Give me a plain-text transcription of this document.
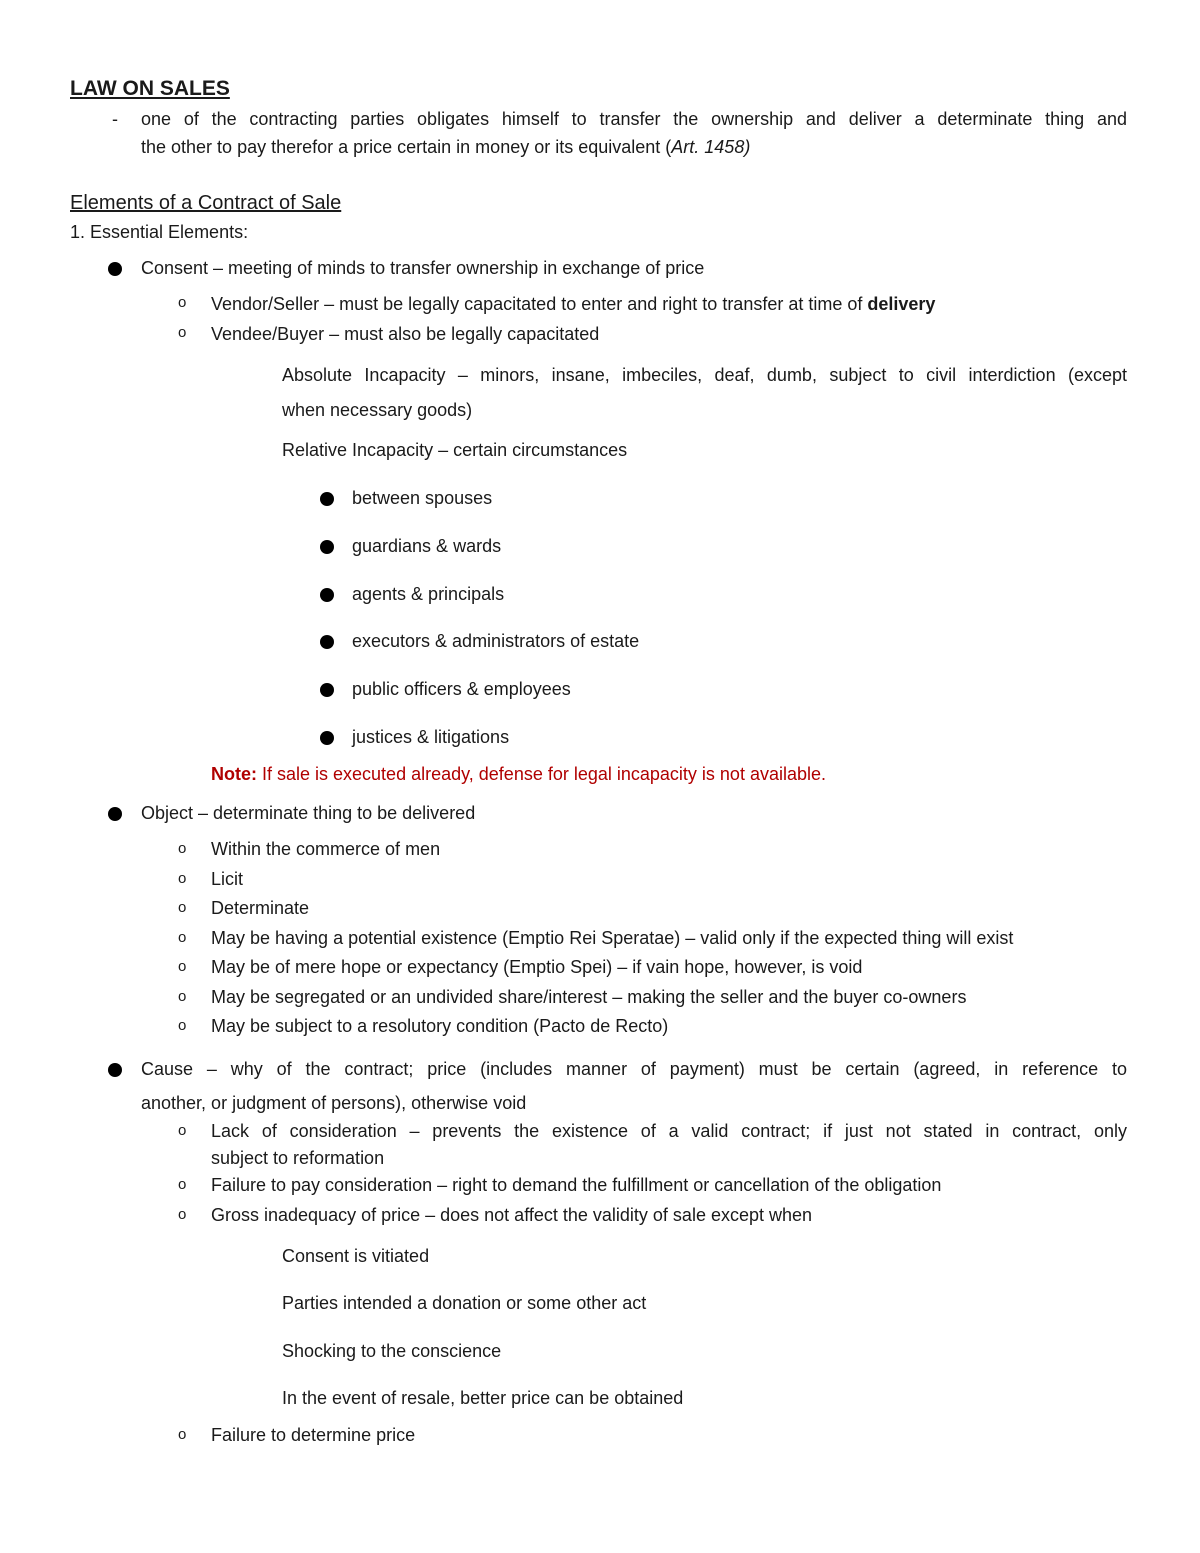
LAW ON SALES
- one of the contracting parties obligates himself to transfer the ownership and deliver a determinate thing and
the other to pay therefor a price certain in money or its equivalent (Art. 1458)
Elements of a Contract of Sale
1. Essential Elements:
Consent – meeting of minds to transfer ownership in exchange of price
o Vendor/Seller – must be legally capacitated to enter and right to transfer at time of delivery
o Vendee/Buyer – must also be legally capacitated
Absolute Incapacity – minors, insane, imbeciles, deaf, dumb, subject to civil interdiction (except
when necessary goods)
Relative Incapacity – certain circumstances
between spouses
guardians & wards
agents & principals
executors & administrators of estate
public officers & employees
justices & litigations
Note: If sale is executed already, defense for legal incapacity is not available.
Object – determinate thing to be delivered
o Within the commerce of men
o Licit
o Determinate
o May be having a potential existence (Emptio Rei Speratae) – valid only if the expected thing will exist
o May be of mere hope or expectancy (Emptio Spei) – if vain hope, however, is void
o May be segregated or an undivided share/interest – making the seller and the buyer co-owners
o May be subject to a resolutory condition (Pacto de Recto)
Cause – why of the contract; price (includes manner of payment) must be certain (agreed, in reference to
another, or judgment of persons), otherwise void
o Lack of consideration – prevents the existence of a valid contract; if just not stated in contract, only
subject to reformation
o Failure to pay consideration – right to demand the fulfillment or cancellation of the obligation
o Gross inadequacy of price – does not affect the validity of sale except when
Consent is vitiated
Parties intended a donation or some other act
Shocking to the conscience
In the event of resale, better price can be obtained
o Failure to determine price
